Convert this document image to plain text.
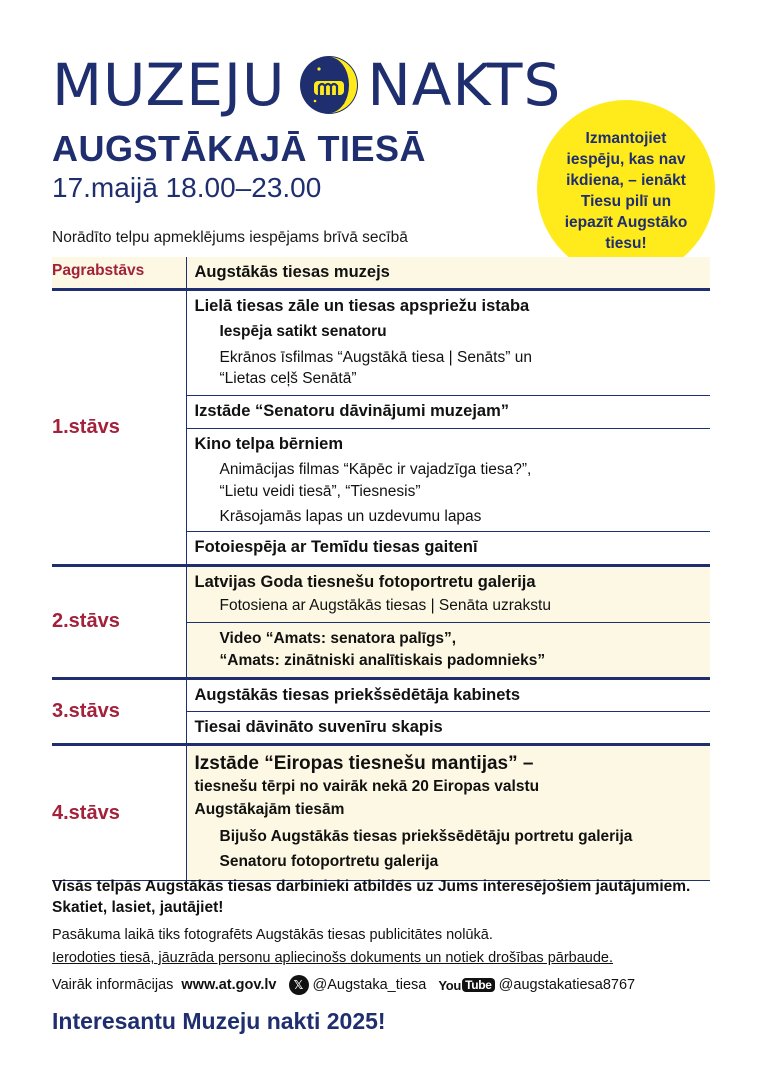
MUZEJU NAKTS
AUGSTĀKAJĀ TIESĀ
17.maijā 18.00–23.00
Norādīto telpu apmeklējums iespējams brīvā secībā
Izmantojiet
iespēju, kas nav
ikdiena, – ienākt
Tiesu pilī un
iepazīt Augstāko
tiesu!
Pagrabstāvs	Augstākās tiesas muzejs

1.stāvs	Lielā tiesas zāle un tiesas apspriežu istaba
Iespēja satikt senatoru
Ekrānos īsfilmas “Augstākā tiesa | Senāts” un
“Lietas ceļš Senātā”

	Izstāde “Senatoru dāvinājumi muzejam”

	Kino telpa bērniem
Animācijas filmas “Kāpēc ir vajadzīga tiesa?”,
“Lietu veidi tiesā”, “Tiesnesis”
Krāsojamās lapas un uzdevumu lapas

	Fotoiespēja ar Temīdu tiesas gaitenī

2.stāvs	Latvijas Goda tiesnešu fotoportretu galerija
Fotosiena ar Augstākās tiesas | Senāta uzrakstu

	Video “Amats: senatora palīgs”,
“Amats: zinātniski analītiskais padomnieks”

3.stāvs	Augstākās tiesas priekšsēdētāja kabinets

	Tiesai dāvināto suvenīru skapis

4.stāvs	Izstāde “Eiropas tiesnešu mantijas” –
tiesnešu tērpi no vairāk nekā 20 Eiropas valstu
Augstākajām tiesām
Bijušo Augstākās tiesas priekšsēdētāju portretu galerija
Senatoru fotoportretu galerija
Visās telpās Augstākās tiesas darbinieki atbildēs uz Jums interesējošiem jautājumiem. Skatiet, lasiet, jautājiet!
Pasākuma laikā tiks fotografēts Augstākās tiesas publicitātes nolūkā.
Ierodoties tiesā, jāuzrāda personu apliecinošs dokuments un notiek drošības pārbaude.
Vairāk informācijas www.at.gov.lv	𝕏 @Augstaka_tiesa You Tube @augstakatiesa8767
Interesantu Muzeju nakti 2025!
